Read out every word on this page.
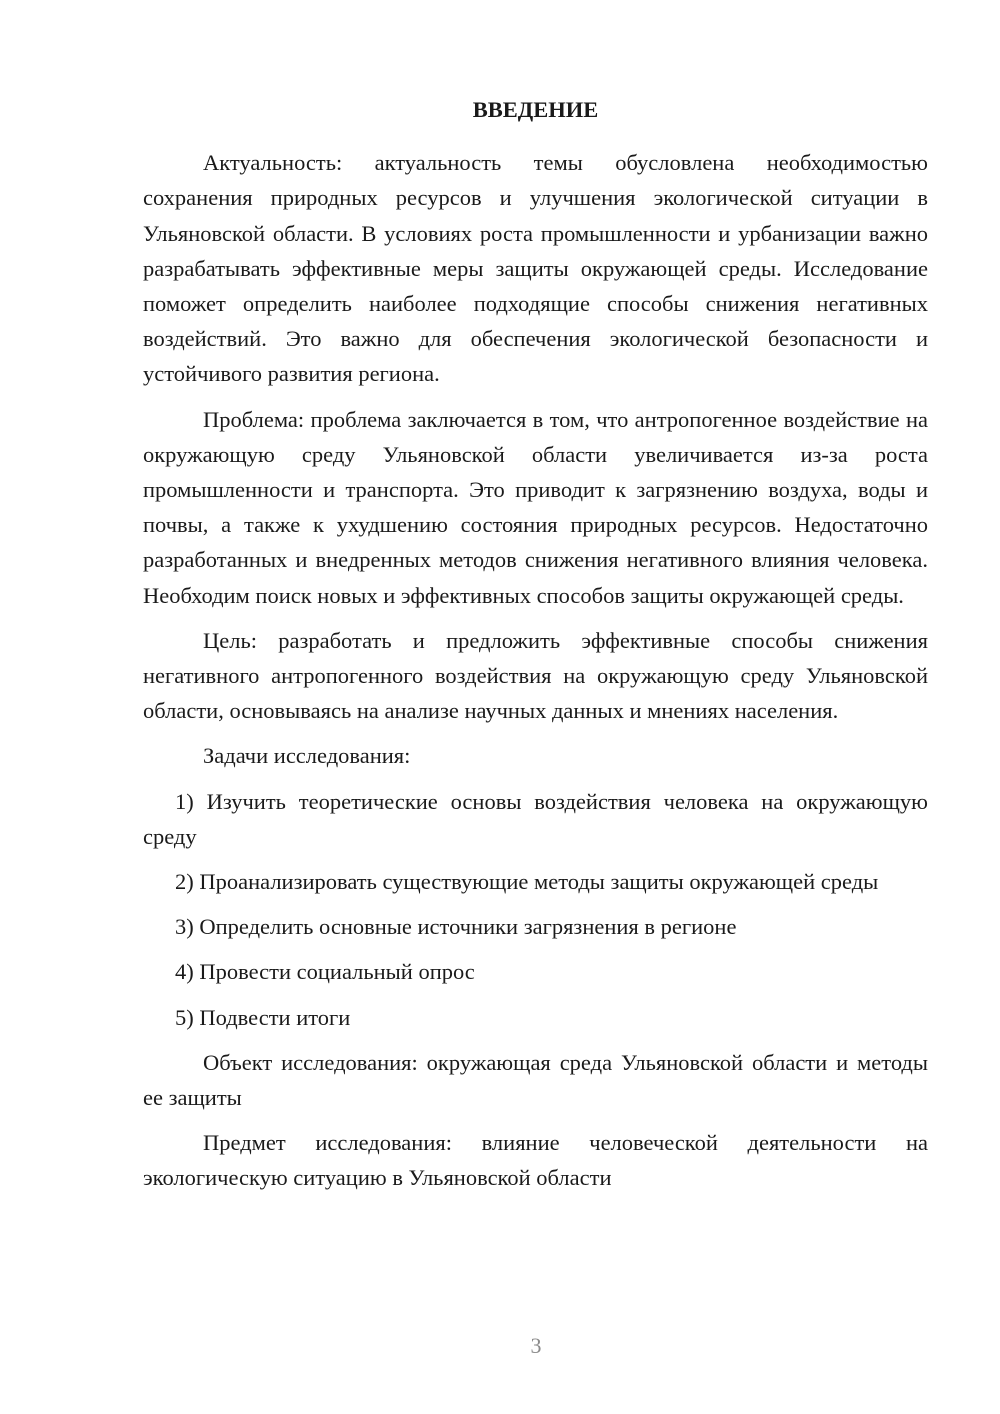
ВВЕДЕНИЕ

Актуальность: актуальность темы обусловлена необходимостью сохранения природных ресурсов и улучшения экологической ситуации в Ульяновской области. В условиях роста промышленности и урбанизации важно разрабатывать эффективные меры защиты окружающей среды. Исследование поможет определить наиболее подходящие способы снижения негативных воздействий. Это важно для обеспечения экологической безопасности и устойчивого развития региона.

Проблема: проблема заключается в том, что антропогенное воздействие на окружающую среду Ульяновской области увеличивается из-за роста промышленности и транспорта. Это приводит к загрязнению воздуха, воды и почвы, а также к ухудшению состояния природных ресурсов. Недостаточно разработанных и внедренных методов снижения негативного влияния человека. Необходим поиск новых и эффективных способов защиты окружающей среды.

Цель: разработать и предложить эффективные способы снижения негативного антропогенного воздействия на окружающую среду Ульяновской области, основываясь на анализе научных данных и мнениях населения.

Задачи исследования:

1) Изучить теоретические основы воздействия человека на окружающую среду

2) Проанализировать существующие методы защиты окружающей среды

3) Определить основные источники загрязнения в регионе

4) Провести социальный опрос

5) Подвести итоги

Объект исследования: окружающая среда Ульяновской области и методы ее защиты

Предмет исследования: влияние человеческой деятельности на экологическую ситуацию в Ульяновской области

3
